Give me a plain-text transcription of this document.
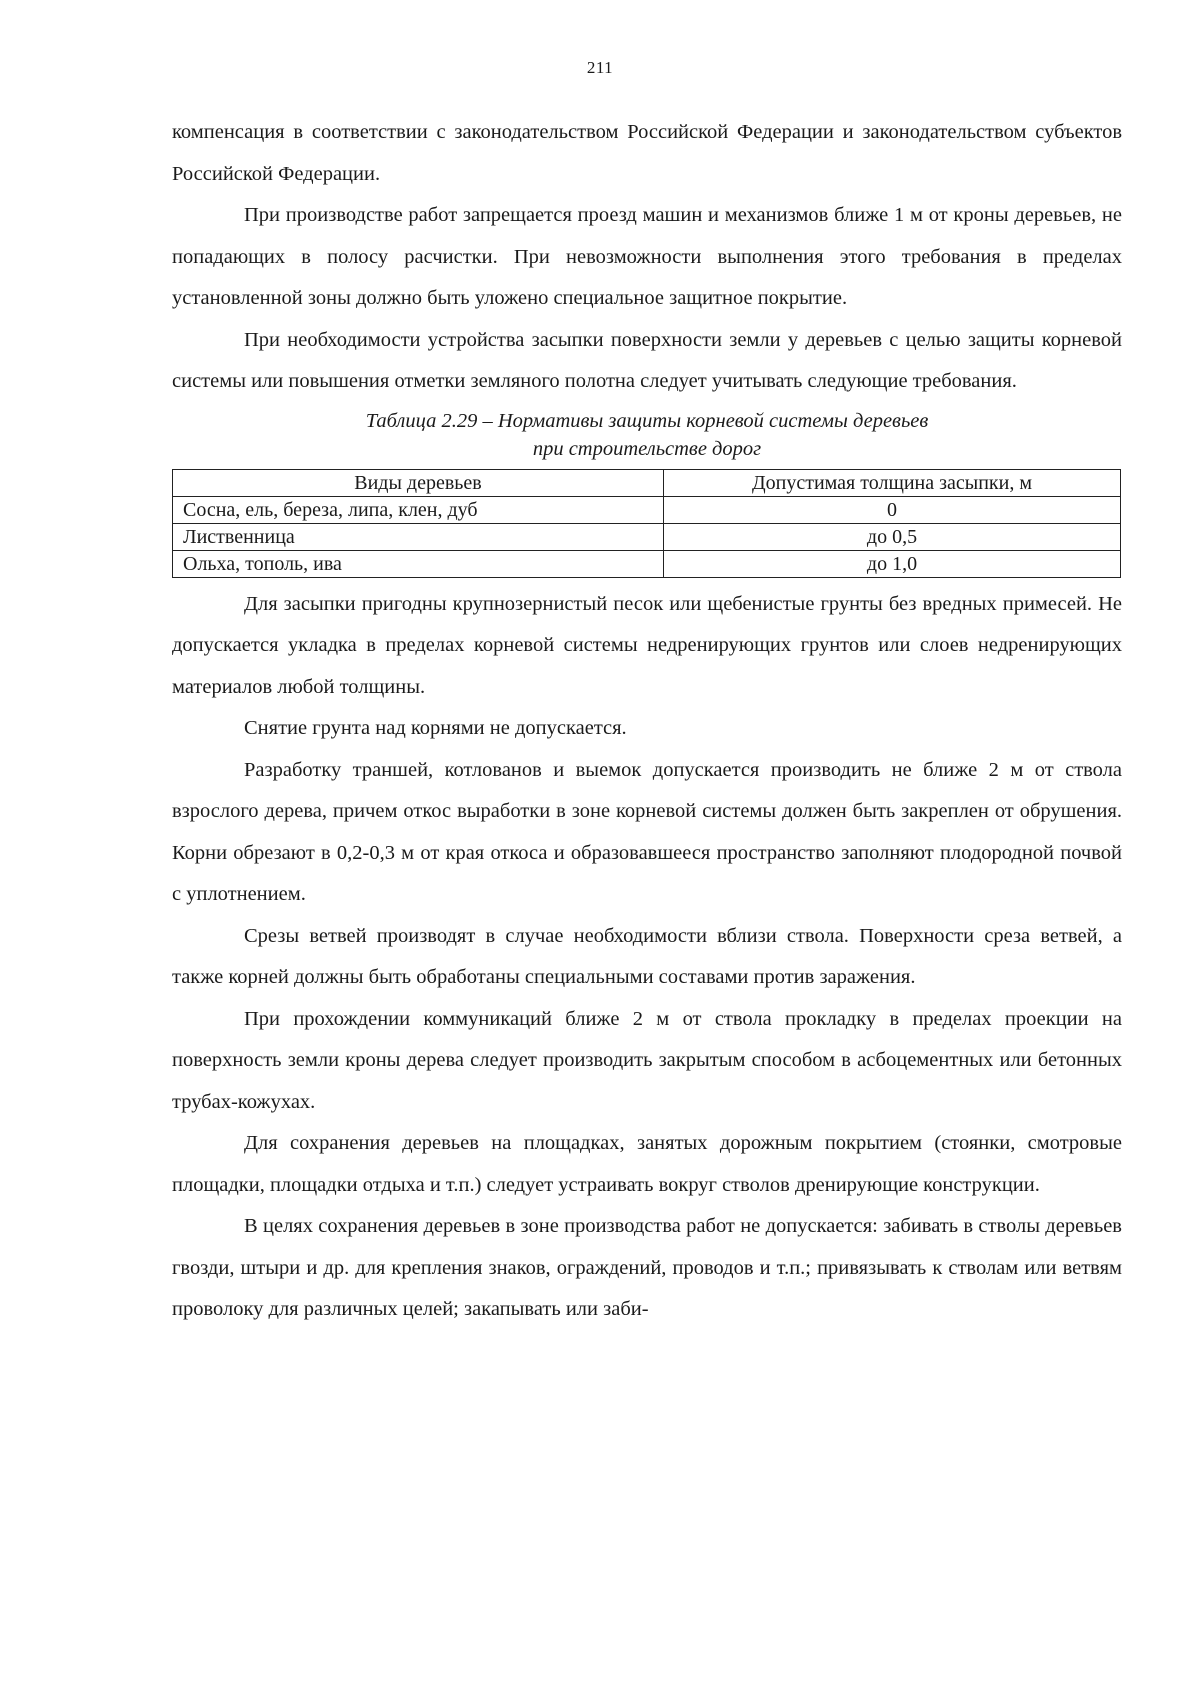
211

компенсация в соответствии с законодательством Российской Федерации и законодательством субъектов Российской Федерации.

При производстве работ запрещается проезд машин и механизмов ближе 1 м от кроны деревьев, не попадающих в полосу расчистки. При невозможности выполнения этого требования в пределах установленной зоны должно быть уложено специальное защитное покрытие.

При необходимости устройства засыпки поверхности земли у деревьев с целью защиты корневой системы или повышения отметки земляного полотна следует учитывать следующие требования.

Таблица 2.29 – Нормативы защиты корневой системы деревьев
при строительстве дорог
Виды деревьев	Допустимая толщина засыпки, м
Сосна, ель, береза, липа, клен, дуб	0
Лиственница	до 0,5
Ольха, тополь, ива	до 1,0

Для засыпки пригодны крупнозернистый песок или щебенистые грунты без вредных примесей. Не допускается укладка в пределах корневой системы недренирующих грунтов или слоев недренирующих материалов любой толщины.

Снятие грунта над корнями не допускается.

Разработку траншей, котлованов и выемок допускается производить не ближе 2 м от ствола взрослого дерева, причем откос выработки в зоне корневой системы должен быть закреплен от обрушения. Корни обрезают в 0,2-0,3 м от края откоса и образовавшееся пространство заполняют плодородной почвой с уплотнением.

Срезы ветвей производят в случае необходимости вблизи ствола. Поверхности среза ветвей, а также корней должны быть обработаны специальными составами против заражения.

При прохождении коммуникаций ближе 2 м от ствола прокладку в пределах проекции на поверхность земли кроны дерева следует производить закрытым способом в асбоцементных или бетонных трубах-кожухах.

Для сохранения деревьев на площадках, занятых дорожным покрытием (стоянки, смотровые площадки, площадки отдыха и т.п.) следует устраивать вокруг стволов дренирующие конструкции.

В целях сохранения деревьев в зоне производства работ не допускается: забивать в стволы деревьев гвозди, штыри и др. для крепления знаков, ограждений, проводов и т.п.; привязывать к стволам или ветвям проволоку для различных целей; закапывать или заби-
